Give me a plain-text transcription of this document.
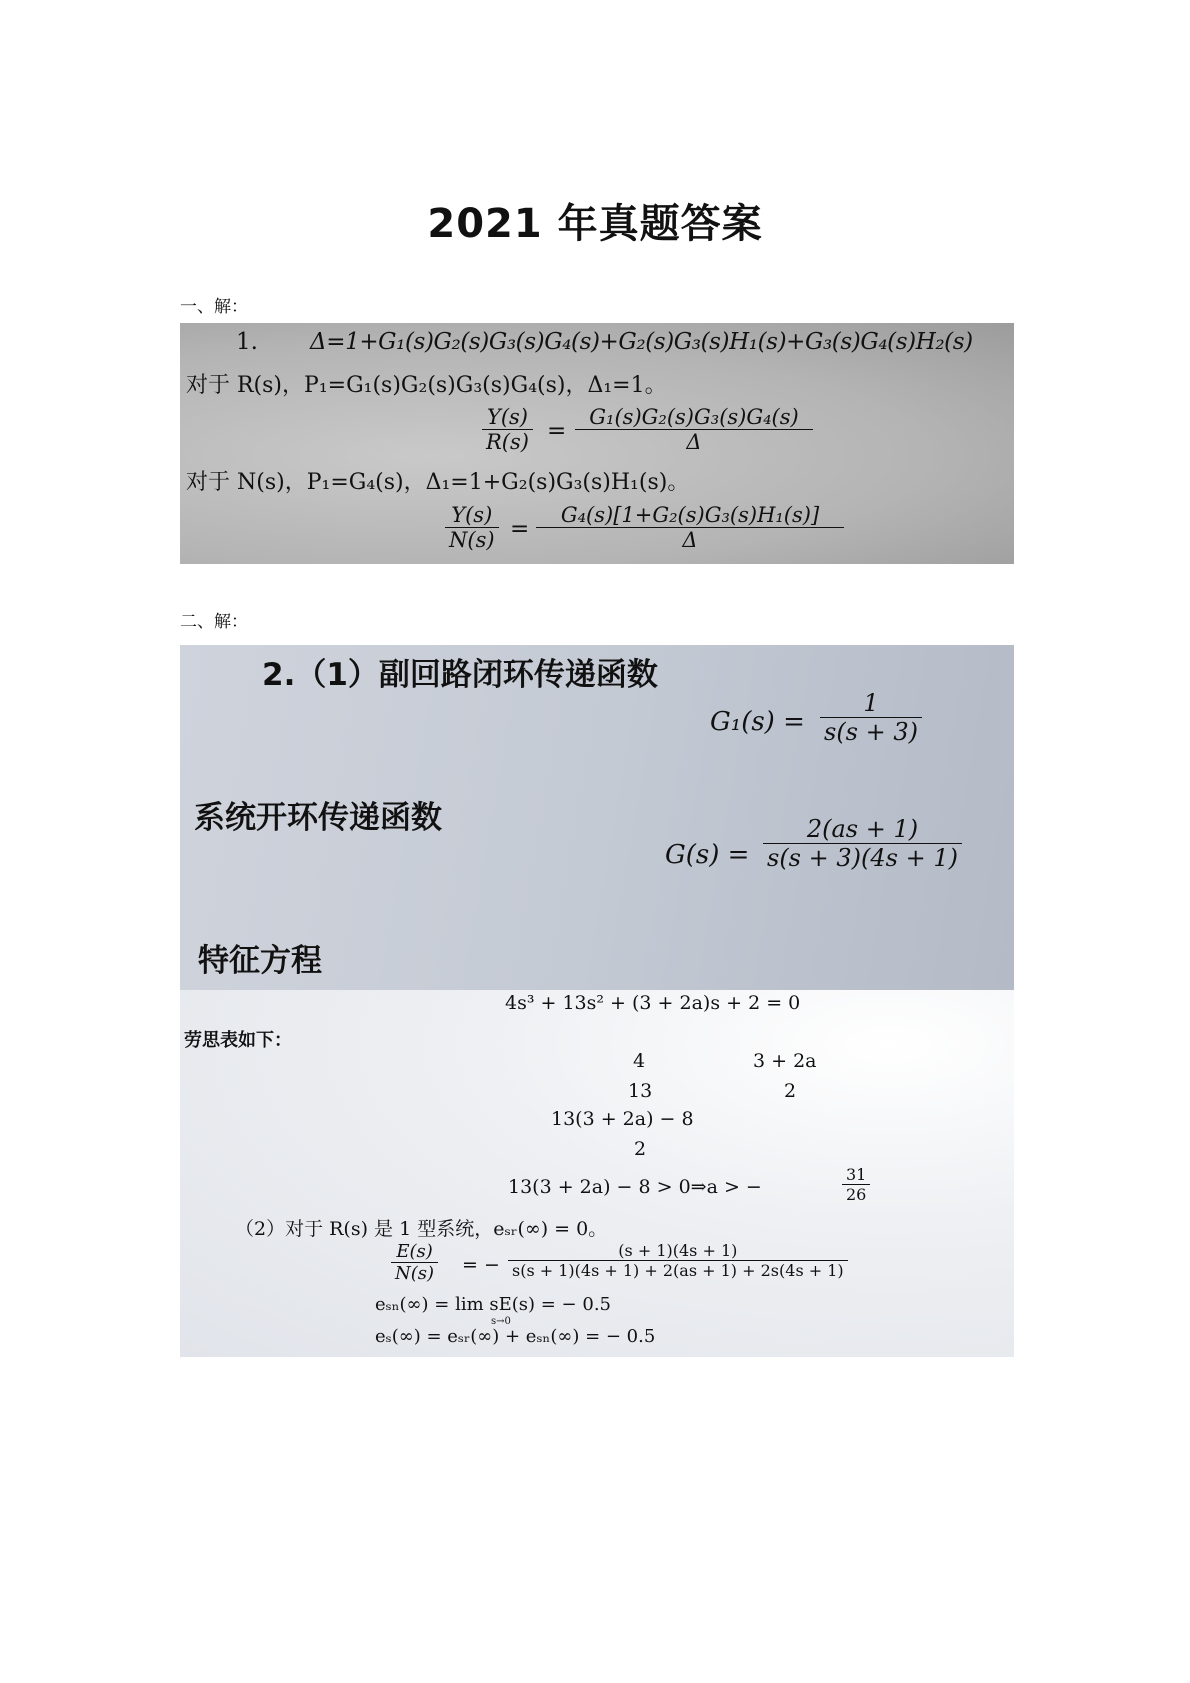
2021 年真题答案
一、解：
1. Δ=1+G₁(s)G₂(s)G₃(s)G₄(s)+G₂(s)G₃(s)H₁(s)+G₃(s)G₄(s)H₂(s)
对于 R(s)，P₁=G₁(s)G₂(s)G₃(s)G₄(s)，Δ₁=1。
$\frac{Y(s)}{R(s)} = \frac{\text{G₁(s)G₂(s)G₃(s)G₄(s)}}{\Delta}$
对于 N(s)，P₁=G₄(s)，Δ₁=1+G₂(s)G₃(s)H₁(s)。
$\frac{Y(s)}{N(s)} = \frac{\text{G₄(s)[1+G₂(s)G₃(s)H₁(s)]}}{\Delta}$
二、解：
2.（1）副回路闭环传递函数
$G_1(s) = \frac{1}{s(s + 3)}$
系统开环传递函数
$G(s) = \frac{2(as + 1)}{s(s + 3)(4s + 1)}$
特征方程
4s³ + 13s² + (3 + 2a)s + 2 = 0
劳思表如下：
4	3 + 2a
13	2
13(3 + 2a) − 8
2
13(3 + 2a) − 8 > 0⇒a > −	$\frac{31}{26}$
（2）对于 R(s) 是 1 型系统，eₛᵣ(∞) = 0。
$\frac{E(s)}{N(s)}$ = − $\frac{(s + 1)(4s + 1)}{s(s + 1)(4s + 1) + 2(as + 1) + 2s(4s + 1)}$
eₛₙ(∞) = lim sE(s) = − 0.5
s→0
eₛ(∞) = eₛᵣ(∞) + eₛₙ(∞) = − 0.5
